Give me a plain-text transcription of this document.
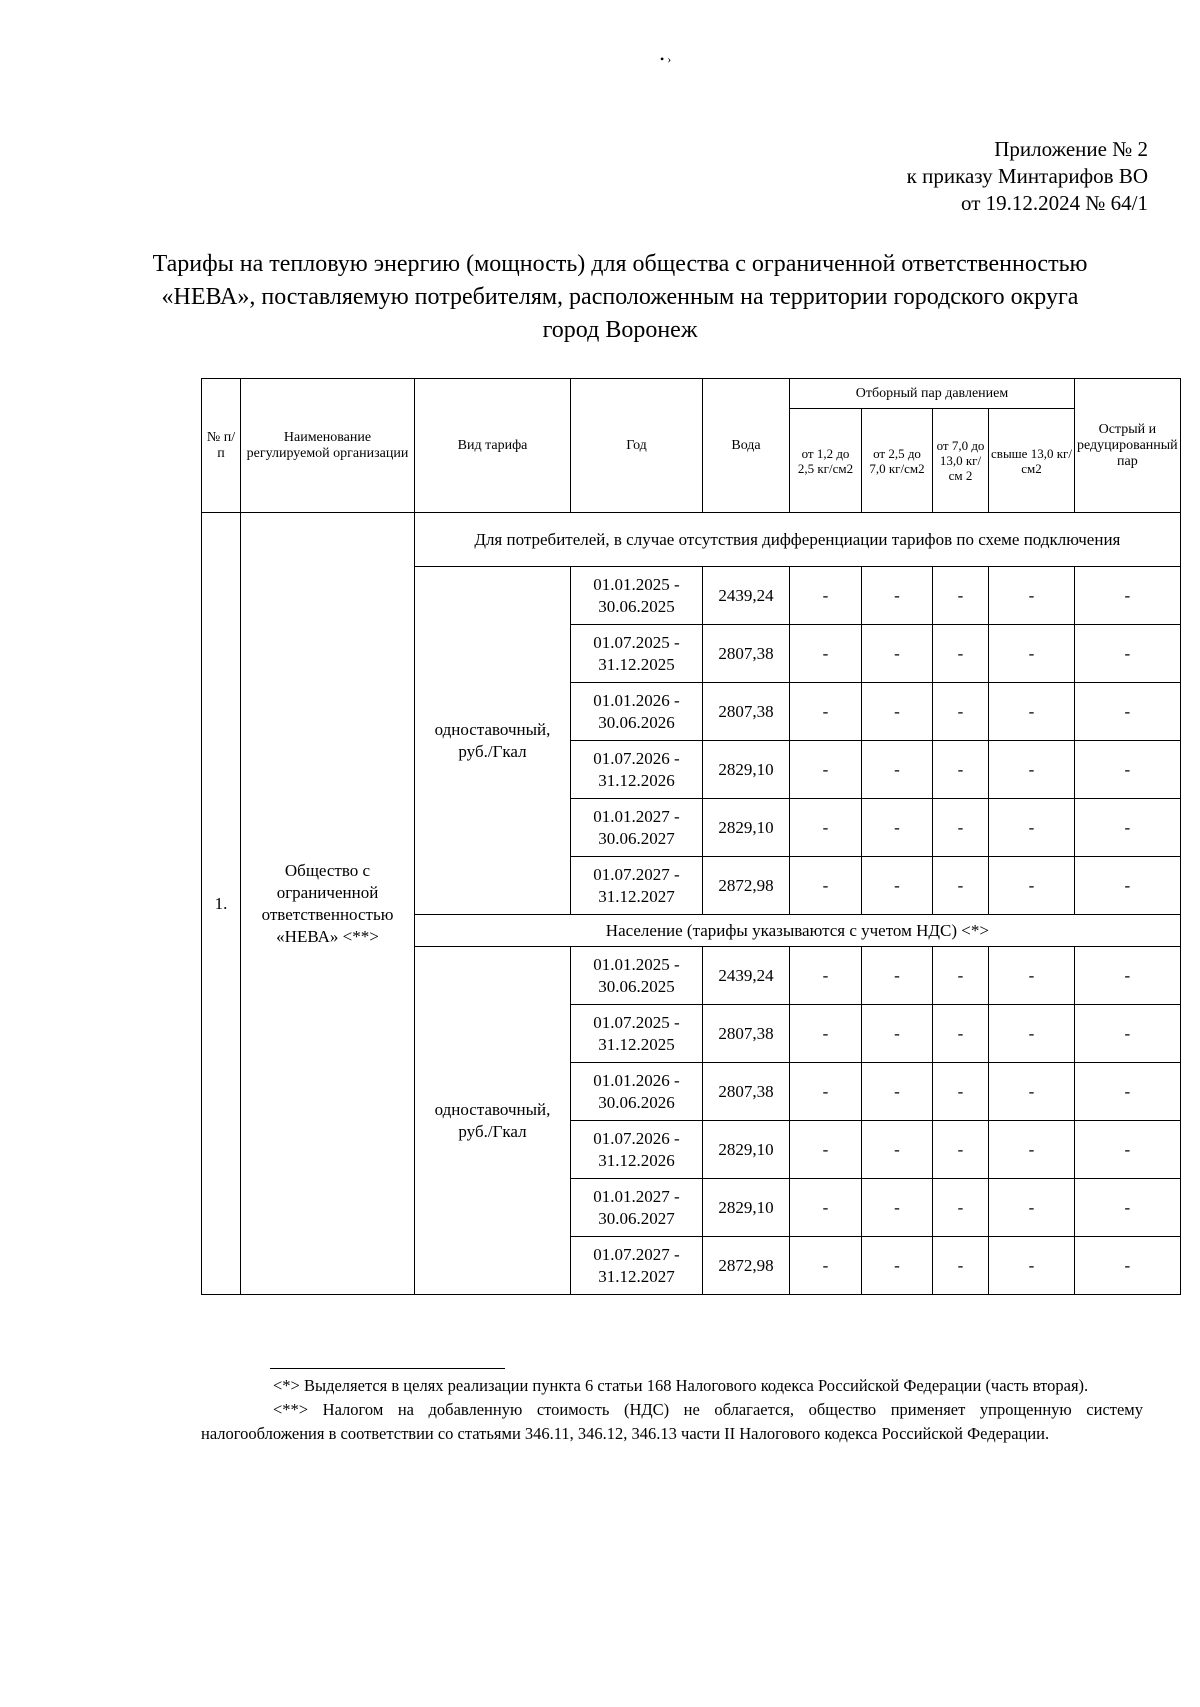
• ›
Приложение № 2
к приказу Минтарифов ВО
от 19.12.2024 № 64/1
Тарифы на тепловую энергию (мощность) для общества с ограниченной ответственностью «НЕВА», поставляемую потребителям, расположенным на территории городского округа город Воронеж
№ п/п	Наименование регулируемой организации	Вид тарифа	Год	Вода	Отборный пар давлением				Острый и редуцированный пар
					от 1,2 до 2,5 кг/см2	от 2,5 до 7,0 кг/см2	от 7,0 до 13,0 кг/см 2	свыше 13,0 кг/см2	
1.	Общество с ограниченной ответственностью «НЕВА» <**>	Для потребителей, в случае отсутствия дифференциации тарифов по схеме подключения							
		одноставочный, руб./Гкал	01.01.2025 - 30.06.2025	2439,24	-	-	-	-	-
			01.07.2025 - 31.12.2025	2807,38	-	-	-	-	-
			01.01.2026 - 30.06.2026	2807,38	-	-	-	-	-
			01.07.2026 - 31.12.2026	2829,10	-	-	-	-	-
			01.01.2027 - 30.06.2027	2829,10	-	-	-	-	-
			01.07.2027 - 31.12.2027	2872,98	-	-	-	-	-
		Население (тарифы указываются с учетом НДС) <*>							
		одноставочный, руб./Гкал	01.01.2025 - 30.06.2025	2439,24	-	-	-	-	-
			01.07.2025 - 31.12.2025	2807,38	-	-	-	-	-
			01.01.2026 - 30.06.2026	2807,38	-	-	-	-	-
			01.07.2026 - 31.12.2026	2829,10	-	-	-	-	-
			01.01.2027 - 30.06.2027	2829,10	-	-	-	-	-
			01.07.2027 - 31.12.2027	2872,98	-	-	-	-	-

<*> Выделяется в целях реализации пункта 6 статьи 168 Налогового кодекса Российской Федерации (часть вторая).

<**> Налогом на добавленную стоимость (НДС) не облагается, общество применяет упрощенную систему налогообложения в соответствии со статьями 346.11, 346.12, 346.13 части II Налогового кодекса Российской Федерации.
